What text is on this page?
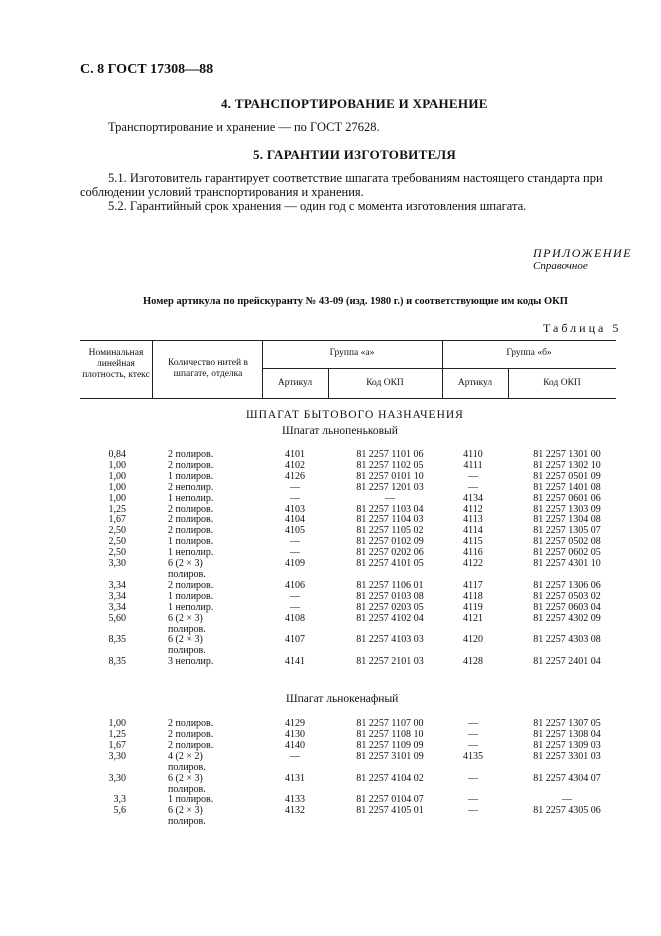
С. 8 ГОСТ 17308—88
4. ТРАНСПОРТИРОВАНИЕ И ХРАНЕНИЕ
Транспортирование и хранение — по ГОСТ 27628.
5. ГАРАНТИИ ИЗГОТОВИТЕЛЯ
5.1. Изготовитель гарантирует соответствие шпагата требованиям настоящего стандарта при
соблюдении условий транспортирования и хранения.
5.2. Гарантийный срок хранения — один год с момента изготовления шпагата.
ПРИЛОЖЕНИЕ
Справочное
Номер артикула по прейскуранту № 43-09 (изд. 1980 г.) и соответствующие им коды ОКП
Таблица 5
Номинальная линейная плотность, ктекс
Количество нитей в шпагате, отделка
Группа «а»	Группа «б»
Артикул	Код ОКП	Артикул	Код ОКП
ШПАГАТ БЫТОВОГО НАЗНАЧЕНИЯ
Шпагат льнопеньковый
0,84	2 полиров.	4101	81 2257 1101 06	4110	81 2257 1301 00
1,00	2 полиров.	4102	81 2257 1102 05	4111	81 2257 1302 10
1,00	1 полиров.	4126	81 2257 0101 10	—	81 2257 0501 09
1,00	2 неполир.	—	81 2257 1201 03	—	81 2257 1401 08
1,00	1 неполир.	—	—	4134	81 2257 0601 06
1,25	2 полиров.	4103	81 2257 1103 04	4112	81 2257 1303 09
1,67	2 полиров.	4104	81 2257 1104 03	4113	81 2257 1304 08
2,50	2 полиров.	4105	81 2257 1105 02	4114	81 2257 1305 07
2,50	1 полиров.	—	81 2257 0102 09	4115	81 2257 0502 08
2,50	1 неполир.	—	81 2257 0202 06	4116	81 2257 0602 05
3,30	6 (2 × 3)	4109	81 2257 4101 05	4122	81 2257 4301 10
полиров.
3,34	2 полиров.	4106	81 2257 1106 01	4117	81 2257 1306 06
3,34	1 полиров.	—	81 2257 0103 08	4118	81 2257 0503 02
3,34	1 неполир.	—	81 2257 0203 05	4119	81 2257 0603 04
5,60	6 (2 × 3)	4108	81 2257 4102 04	4121	81 2257 4302 09
полиров.
8,35	6 (2 × 3)	4107	81 2257 4103 03	4120	81 2257 4303 08
полиров.
8,35	3 неполир.	4141	81 2257 2101 03	4128	81 2257 2401 04
Шпагат льнокенафный
1,00	2 полиров.	4129	81 2257 1107 00	—	81 2257 1307 05
1,25	2 полиров.	4130	81 2257 1108 10	—	81 2257 1308 04
1,67	2 полиров.	4140	81 2257 1109 09	—	81 2257 1309 03
3,30	4 (2 × 2)	—	81 2257 3101 09	4135	81 2257 3301 03
полиров.
3,30	6 (2 × 3)	4131	81 2257 4104 02	—	81 2257 4304 07
полиров.
3,3	1 полиров.	4133	81 2257 0104 07	—	—
5,6	6 (2 × 3)	4132	81 2257 4105 01	—	81 2257 4305 06
полиров.
